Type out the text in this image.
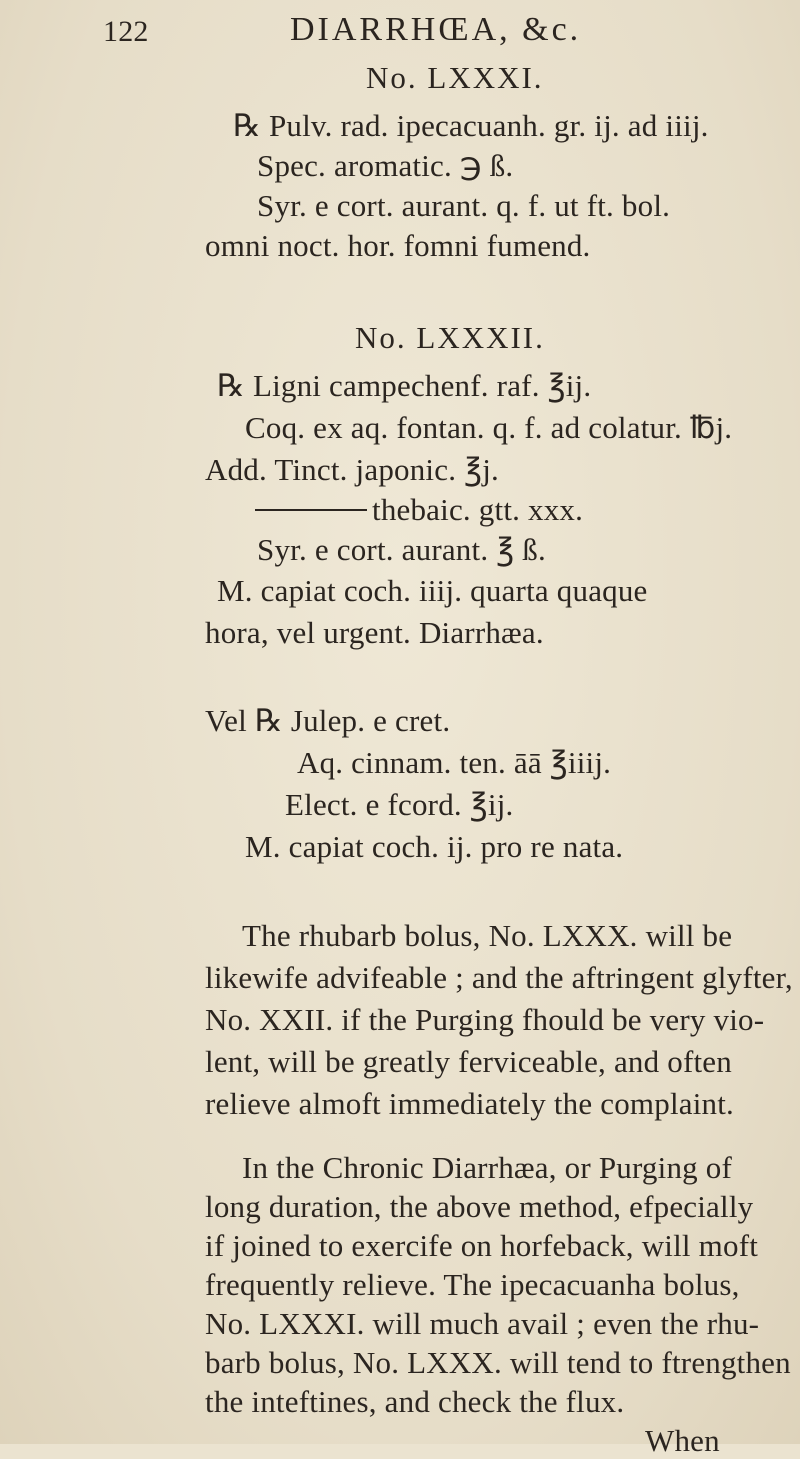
122	DIARRHŒA, &c.
No. LXXXI.
℞ Pulv. rad. ipecacuanh. gr. ij. ad iiij.
Spec. aromatic. ℈ ß.
Syr. e cort. aurant. q. f. ut ft. bol.
omni noct. hor. fomni fumend.
No. LXXXII.
℞ Ligni campechenf. raf. ℥ij.
Coq. ex aq. fontan. q. f. ad colatur. ℔j.
Add. Tinct. japonic. ℥j.
thebaic. gtt. xxx.
Syr. e cort. aurant. ℥ ß.
M. capiat coch. iiij. quarta quaque
hora, vel urgent. Diarrhæa.
Vel ℞ Julep. e cret.
Aq. cinnam. ten. āā ℥iiij.
Elect. e fcord. ℥ij.
M. capiat coch. ij. pro re nata.
The rhubarb bolus, No. LXXX. will be
likewife advifeable ; and the aftringent glyfter,
No. XXII. if the Purging fhould be very vio-
lent, will be greatly ferviceable, and often
relieve almoft immediately the complaint.
In the Chronic Diarrhæa, or Purging of
long duration, the above method, efpecially
if joined to exercife on horfeback, will moft
frequently relieve. The ipecacuanha bolus,
No. LXXXI. will much avail ; even the rhu-
barb bolus, No. LXXX. will tend to ftrengthen
the inteftines, and check the flux.
When
